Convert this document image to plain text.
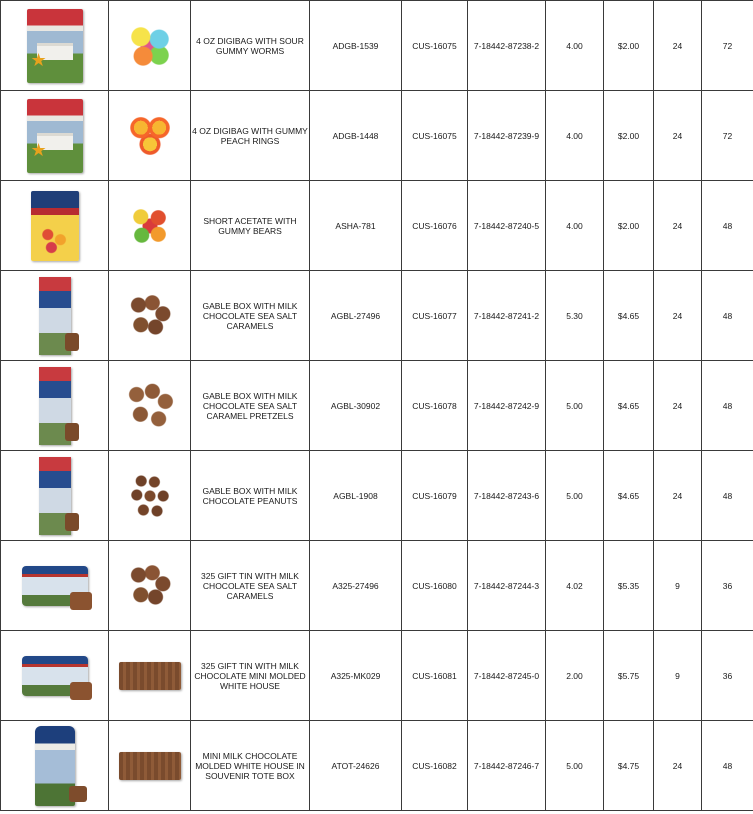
★

	4 OZ DIGIBAG WITH SOUR GUMMY WORMS	ADGB-1539	CUS-16075	7-18442-87238-2	4.00	$2.00	24	72

★

	4 OZ DIGIBAG WITH GUMMY PEACH RINGS	ADGB-1448	CUS-16075	7-18442-87239-9	4.00	$2.00	24	72

	SHORT ACETATE WITH GUMMY BEARS	ASHA-781	CUS-16076	7-18442-87240-5	4.00	$2.00	24	48

	GABLE BOX WITH MILK CHOCOLATE SEA SALT CARAMELS	AGBL-27496	CUS-16077	7-18442-87241-2	5.30	$4.65	24	48

	GABLE BOX WITH MILK CHOCOLATE SEA SALT CARAMEL PRETZELS	AGBL-30902	CUS-16078	7-18442-87242-9	5.00	$4.65	24	48

	GABLE BOX WITH MILK CHOCOLATE PEANUTS	AGBL-1908	CUS-16079	7-18442-87243-6	5.00	$4.65	24	48

	325 GIFT TIN WITH MILK CHOCOLATE SEA SALT CARAMELS	A325-27496	CUS-16080	7-18442-87244-3	4.02	$5.35	9	36

	325 GIFT TIN WITH MILK CHOCOLATE MINI MOLDED WHITE HOUSE	A325-MK029	CUS-16081	7-18442-87245-0	2.00	$5.75	9	36

	MINI MILK CHOCOLATE MOLDED WHITE HOUSE IN SOUVENIR TOTE BOX	ATOT-24626	CUS-16082	7-18442-87246-7	5.00	$4.75	24	48
